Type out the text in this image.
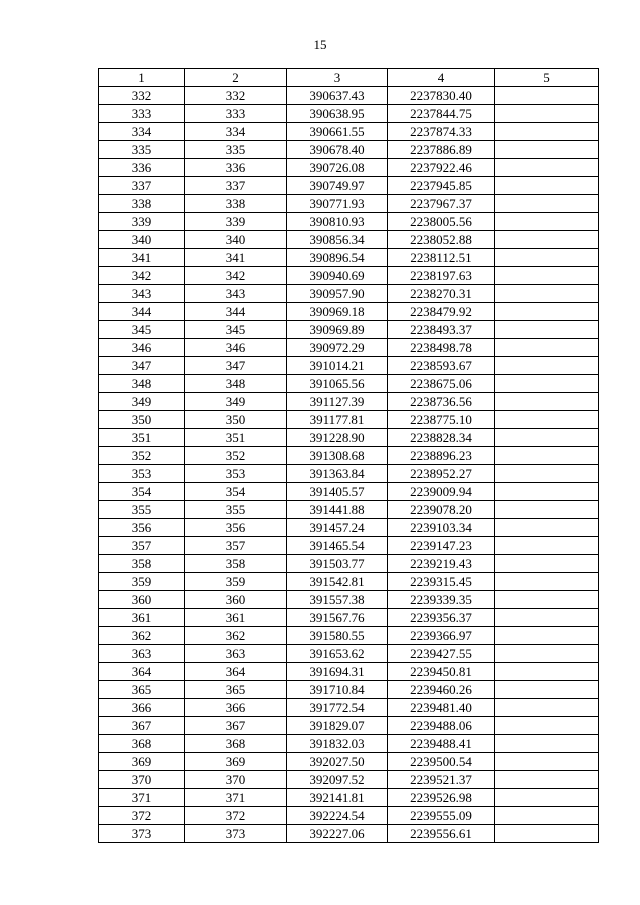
15
1	2	3	4	5
332	332	390637.43	2237830.40	
333	333	390638.95	2237844.75	
334	334	390661.55	2237874.33	
335	335	390678.40	2237886.89	
336	336	390726.08	2237922.46	
337	337	390749.97	2237945.85	
338	338	390771.93	2237967.37	
339	339	390810.93	2238005.56	
340	340	390856.34	2238052.88	
341	341	390896.54	2238112.51	
342	342	390940.69	2238197.63	
343	343	390957.90	2238270.31	
344	344	390969.18	2238479.92	
345	345	390969.89	2238493.37	
346	346	390972.29	2238498.78	
347	347	391014.21	2238593.67	
348	348	391065.56	2238675.06	
349	349	391127.39	2238736.56	
350	350	391177.81	2238775.10	
351	351	391228.90	2238828.34	
352	352	391308.68	2238896.23	
353	353	391363.84	2238952.27	
354	354	391405.57	2239009.94	
355	355	391441.88	2239078.20	
356	356	391457.24	2239103.34	
357	357	391465.54	2239147.23	
358	358	391503.77	2239219.43	
359	359	391542.81	2239315.45	
360	360	391557.38	2239339.35	
361	361	391567.76	2239356.37	
362	362	391580.55	2239366.97	
363	363	391653.62	2239427.55	
364	364	391694.31	2239450.81	
365	365	391710.84	2239460.26	
366	366	391772.54	2239481.40	
367	367	391829.07	2239488.06	
368	368	391832.03	2239488.41	
369	369	392027.50	2239500.54	
370	370	392097.52	2239521.37	
371	371	392141.81	2239526.98	
372	372	392224.54	2239555.09	
373	373	392227.06	2239556.61	
